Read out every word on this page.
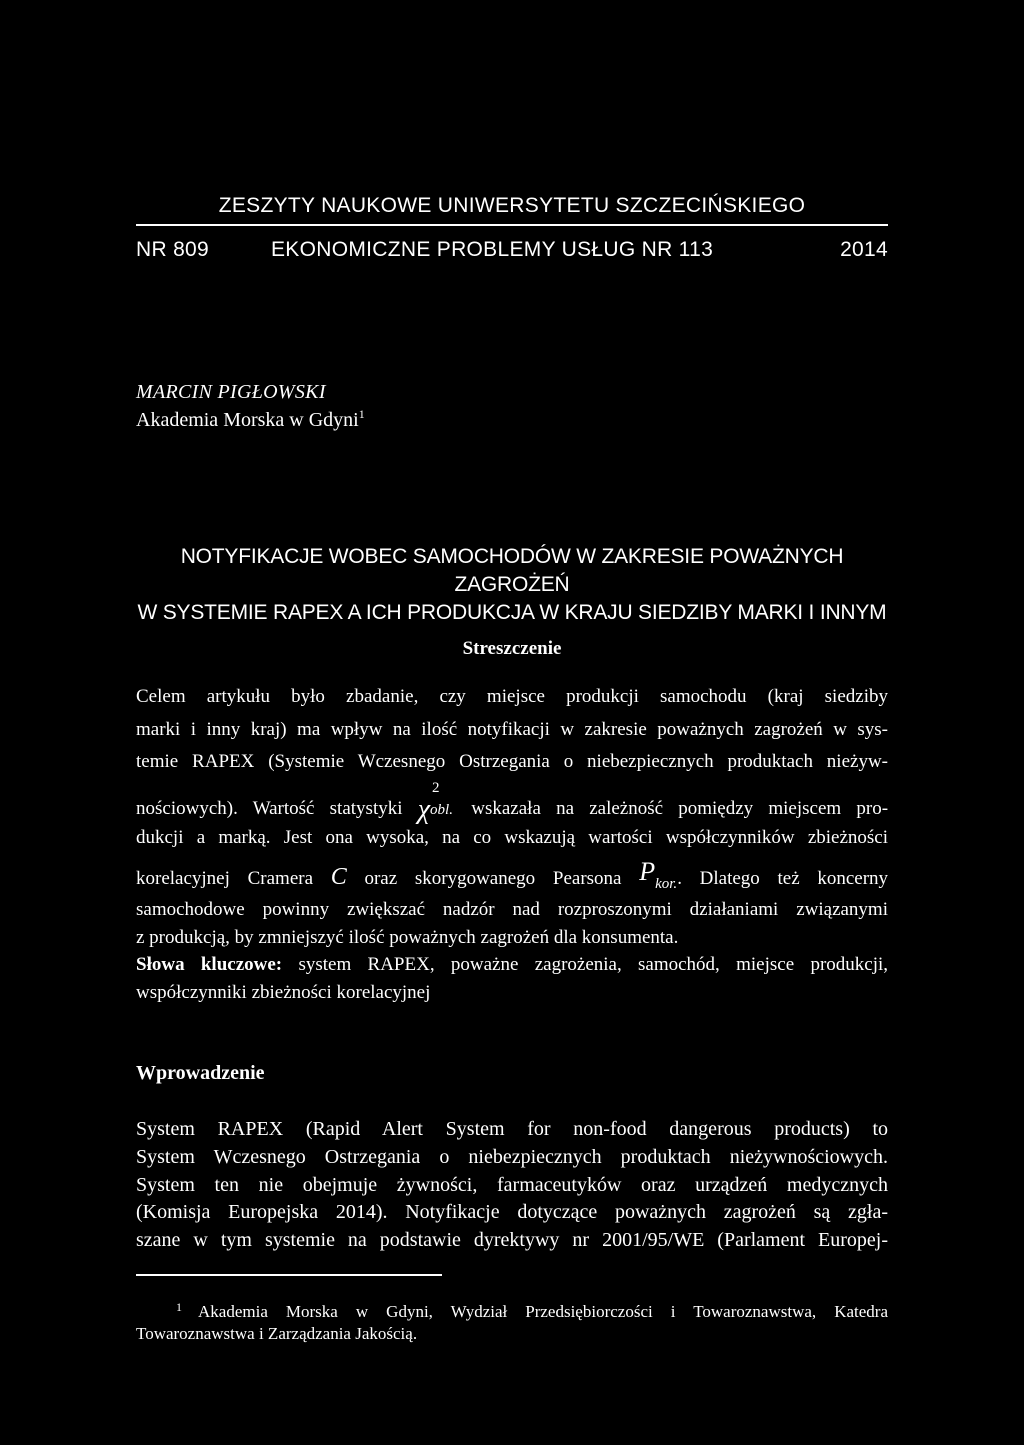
ZESZYTY NAUKOWE UNIWERSYTETU SZCZECIŃSKIEGO
NR 809	EKONOMICZNE PROBLEMY USŁUG NR 113	2014
MARCIN PIGŁOWSKI
Akademia Morska w Gdyni$^1$
NOTYFIKACJE WOBEC SAMOCHODÓW W ZAKRESIE POWAŻNYCH ZAGROŻEŃ
W SYSTEMIE RAPEX A ICH PRODUKCJA W KRAJU SIEDZIBY MARKI I INNYM
Streszczenie
Celem artykułu było zbadanie, czy miejsce produkcji samochodu (kraj siedziby
marki i inny kraj) ma wpływ na ilość notyfikacji w zakresie poważnych zagrożeń w sys-
temie RAPEX (Systemie Wczesnego Ostrzegania o niebezpiecznych produktach nieżyw-
nościowych). Wartość statystyki χ
2
obl. wskazała na zależność pomiędzy miejscem pro-
dukcji a marką. Jest ona wysoka, na co wskazują wartości współczynników zbieżności
korelacyjnej Cramera C oraz skorygowanego Pearsona $P_{kor.}$. Dlatego też koncerny
samochodowe powinny zwiększać nadzór nad rozproszonymi działaniami związanymi
z produkcją, by zmniejszyć ilość poważnych zagrożeń dla konsumenta.
Słowa kluczowe: system RAPEX, poważne zagrożenia, samochód, miejsce produkcji,
współczynniki zbieżności korelacyjnej
Wprowadzenie
System RAPEX (Rapid Alert System for non-food dangerous products) to
System Wczesnego Ostrzegania o niebezpiecznych produktach nieżywnościowych.
System ten nie obejmuje żywności, farmaceutyków oraz urządzeń medycznych
(Komisja Europejska 2014). Notyfikacje dotyczące poważnych zagrożeń są zgła-
szane w tym systemie na podstawie dyrektywy nr 2001/95/WE (Parlament Europej-
$^1$ Akademia Morska w Gdyni, Wydział Przedsiębiorczości i Towaroznawstwa, Katedra
Towaroznawstwa i Zarządzania Jakością.
